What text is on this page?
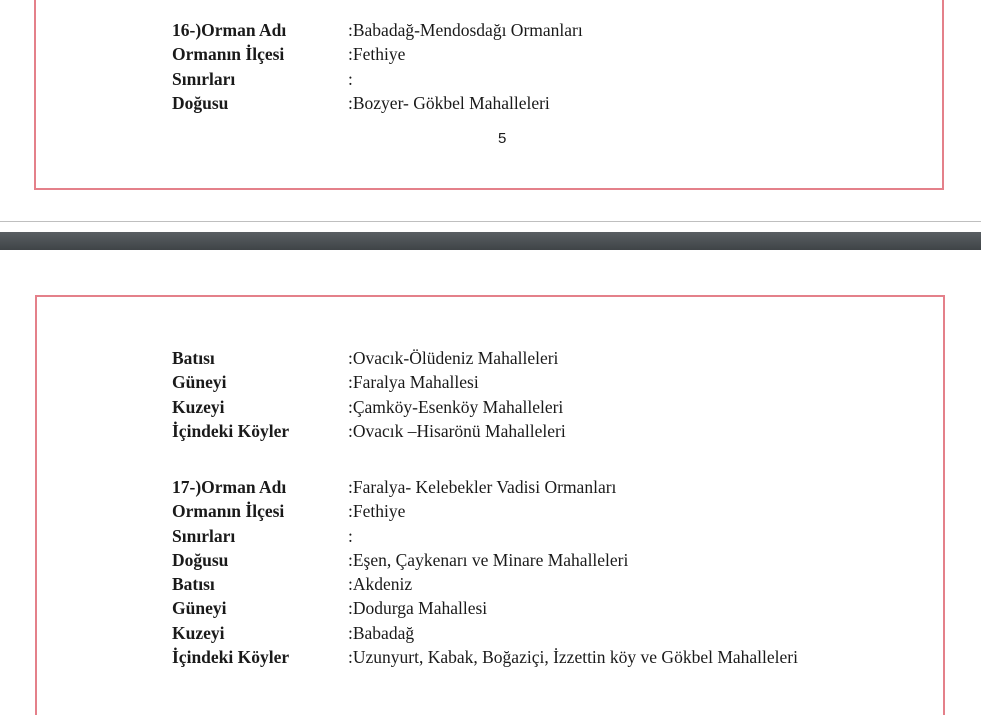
16-)Orman Adı	:Babadağ-Mendosdağı Ormanları
Ormanın İlçesi	:Fethiye
Sınırları	:
Doğusu	:Bozyer- Gökbel Mahalleleri
5
Batısı	:Ovacık-Ölüdeniz Mahalleleri
Güneyi	:Faralya Mahallesi
Kuzeyi	:Çamköy-Esenköy Mahalleleri
İçindeki Köyler	:Ovacık –Hisarönü Mahalleleri
17-)Orman Adı	:Faralya- Kelebekler Vadisi Ormanları
Ormanın İlçesi	:Fethiye
Sınırları	:
Doğusu	:Eşen, Çaykenarı ve Minare Mahalleleri
Batısı	:Akdeniz
Güneyi	:Dodurga Mahallesi
Kuzeyi	:Babadağ
İçindeki Köyler	:Uzunyurt, Kabak, Boğaziçi, İzzettin köy ve Gökbel Mahalleleri
